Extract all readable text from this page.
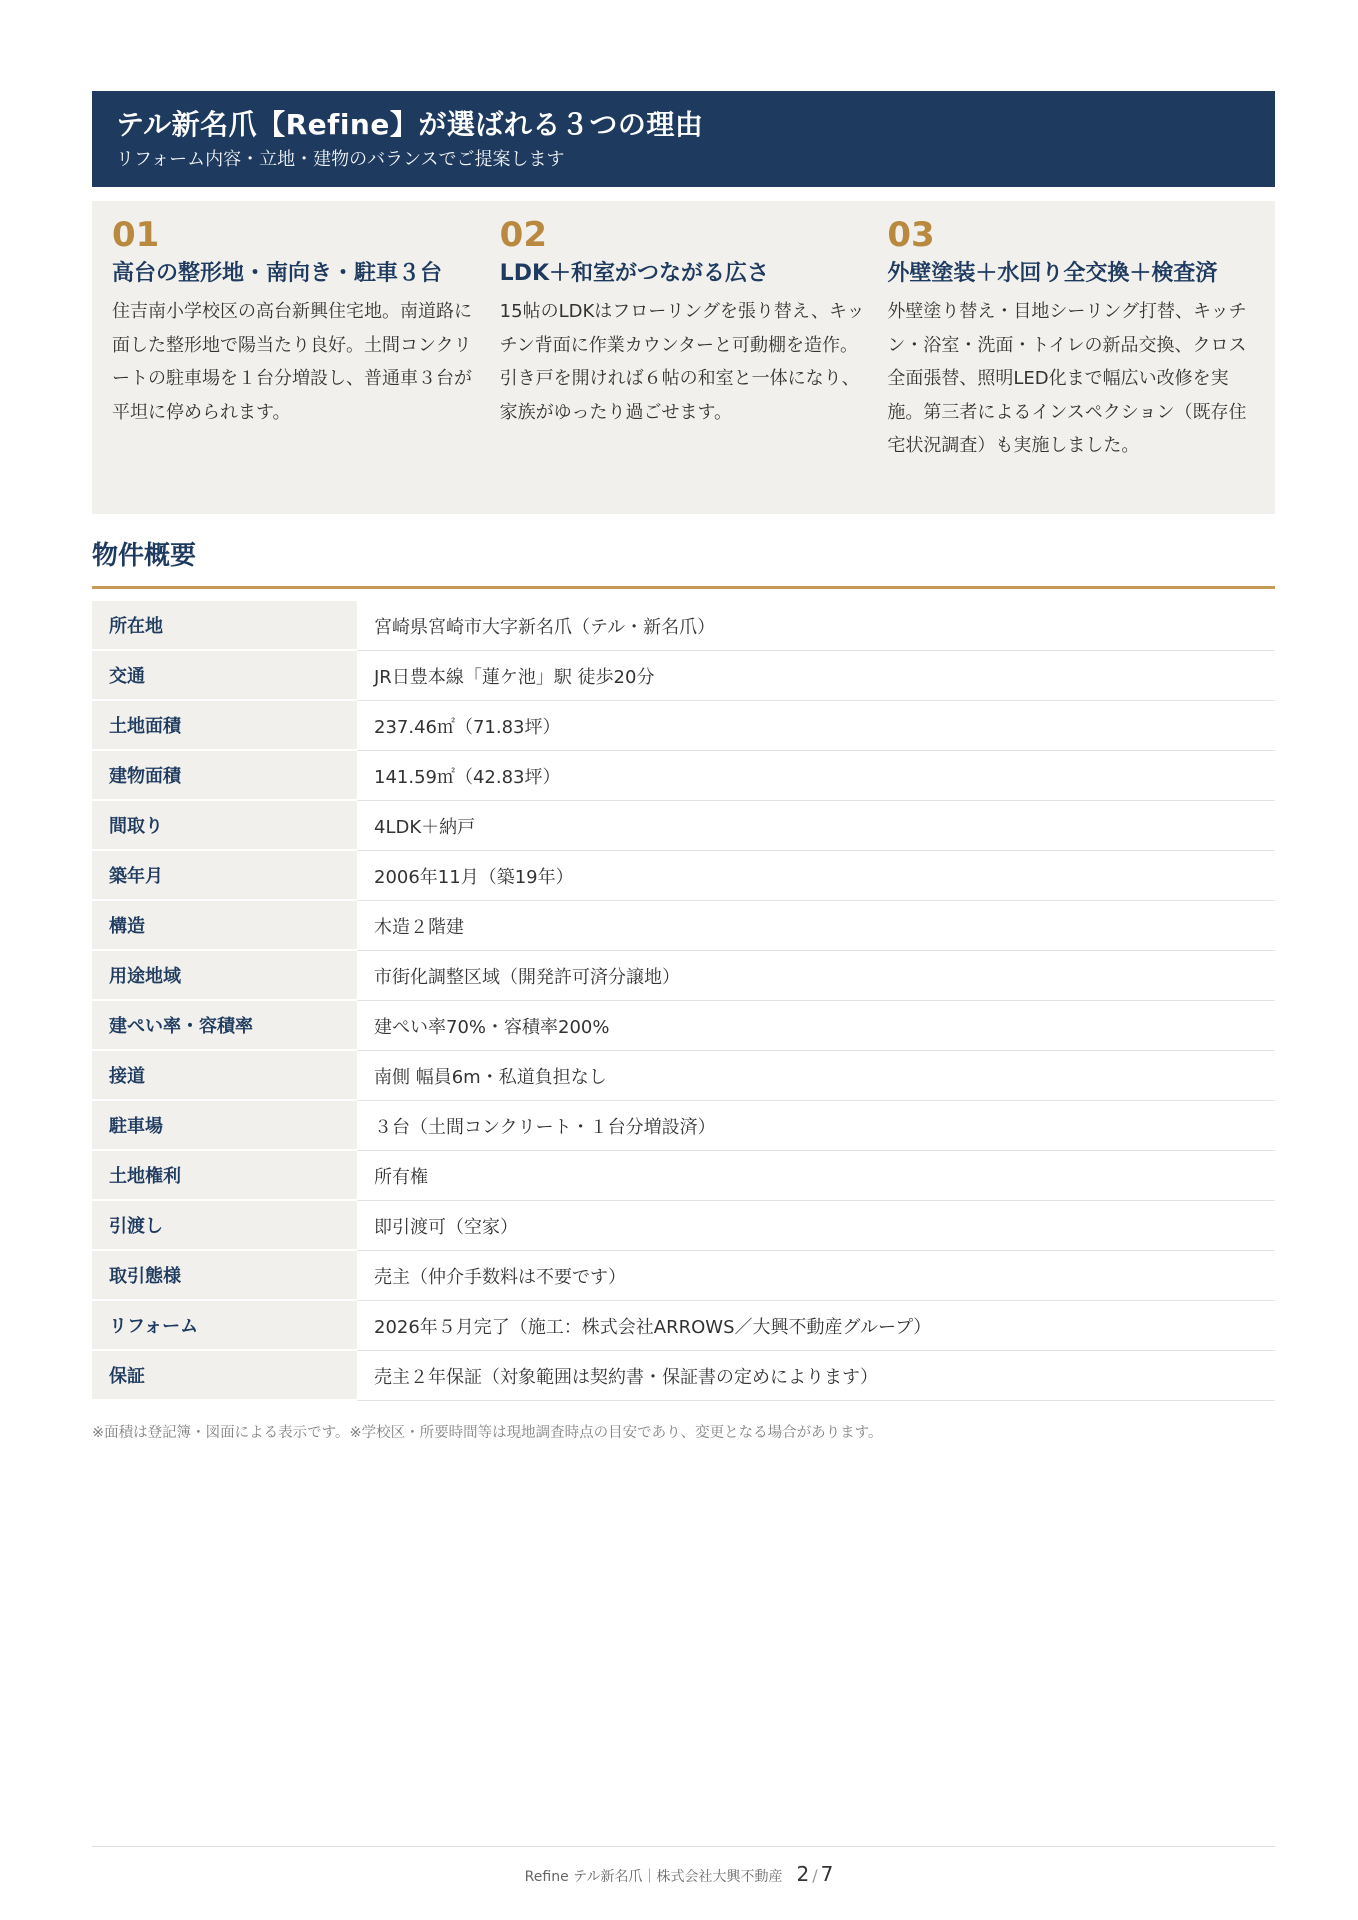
テル新名爪【Refine】が選ばれる３つの理由
リフォーム内容・立地・建物のバランスでご提案します
01
高台の整形地・南向き・駐車３台
住吉南小学校区の高台新興住宅地。南道路に面した整形地で陽当たり良好。土間コンクリートの駐車場を１台分増設し、普通車３台が平坦に停められます。
02
LDK＋和室がつながる広さ
15帖のLDKはフローリングを張り替え、キッチン背面に作業カウンターと可動棚を造作。引き戸を開ければ６帖の和室と一体になり、家族がゆったり過ごせます。
03
外壁塗装＋水回り全交換＋検査済
外壁塗り替え・目地シーリング打替、キッチン・浴室・洗面・トイレの新品交換、クロス全面張替、照明LED化まで幅広い改修を実施。第三者によるインスペクション（既存住宅状況調査）も実施しました。
物件概要
所在地	宮崎県宮崎市大字新名爪（テル・新名爪）
交通	JR日豊本線「蓮ケ池」駅 徒歩20分
土地面積	237.46㎡（71.83坪）
建物面積	141.59㎡（42.83坪）
間取り	4LDK＋納戸
築年月	2006年11月（築19年）
構造	木造２階建
用途地域	市街化調整区域（開発許可済分譲地）
建ぺい率・容積率	建ぺい率70%・容積率200%
接道	南側 幅員6m・私道負担なし
駐車場	３台（土間コンクリート・１台分増設済）
土地権利	所有権
引渡し	即引渡可（空家）
取引態様	売主（仲介手数料は不要です）
リフォーム	2026年５月完了（施工：株式会社ARROWS／大興不動産グループ）
保証	売主２年保証（対象範囲は契約書・保証書の定めによります）
※面積は登記簿・図面による表示です。※学校区・所要時間等は現地調査時点の目安であり、変更となる場合があります。
Refine テル新名爪｜株式会社大興不動産 2 / 7
